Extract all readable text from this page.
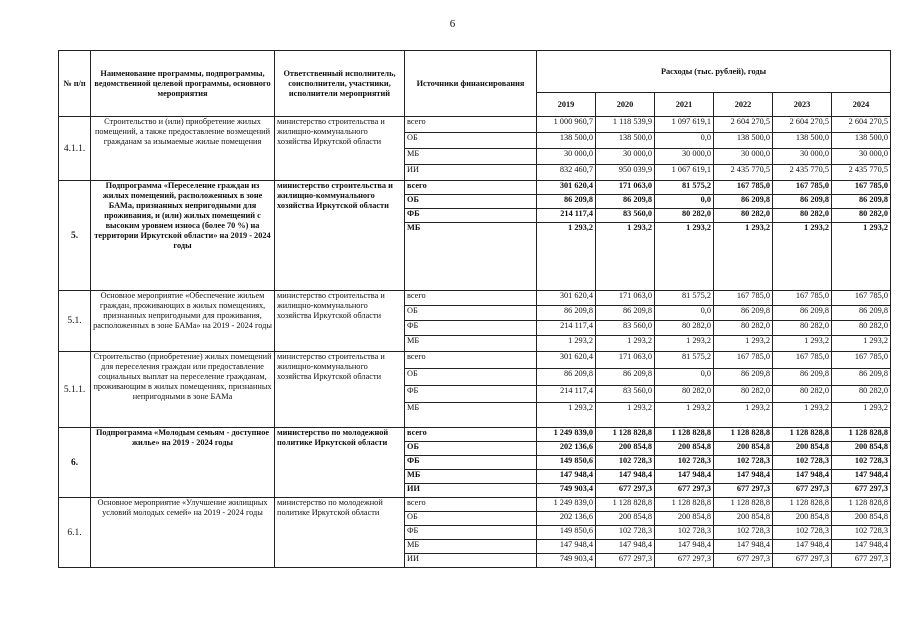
6
№ п/п	Наименование программы, подпрограммы, ведомственной целевой программы, основного мероприятия	Ответственный исполнитель, соисполнители, участники, исполнители мероприятий	Источники финансирования	Расходы (тыс. рублей), годы					
				2019	2020	2021	2022	2023	2024
4.1.1.	Строительство и (или) приобретение жилых помещений, а также предоставление возмещений гражданам за изымаемые жилые помещения	министерство строительства и жилищно-коммунального хозяйства Иркутской области	всего	1 000 960,7	1 118 539,9	1 097 619,1	2 604 270,5	2 604 270,5	2 604 270,5
			ОБ	138 500,0	138 500,0	0,0	138 500,0	138 500,0	138 500,0
			МБ	30 000,0	30 000,0	30 000,0	30 000,0	30 000,0	30 000,0
			ИИ	832 460,7	950 039,9	1 067 619,1	2 435 770,5	2 435 770,5	2 435 770,5
5.	Подпрограмма «Переселение граждан из жилых помещений, расположенных в зоне БАМа, признанных непригодными для проживания, и (или) жилых помещений с высоким уровнем износа (более 70 %) на территории Иркутской области» на 2019 - 2024 годы	министерство строительства и жилищно-коммунального хозяйства Иркутской области	всего	301 620,4	171 063,0	81 575,2	167 785,0	167 785,0	167 785,0
			ОБ	86 209,8	86 209,8	0,0	86 209,8	86 209,8	86 209,8
			ФБ	214 117,4	83 560,0	80 282,0	80 282,0	80 282,0	80 282,0
			МБ	1 293,2	1 293,2	1 293,2	1 293,2	1 293,2	1 293,2
5.1.	Основное мероприятие «Обеспечение жильем граждан, проживающих в жилых помещениях, признанных непригодными для проживания, расположенных в зоне БАМа» на 2019 - 2024 годы	министерство строительства и жилищно-коммунального хозяйства Иркутской области	всего	301 620,4	171 063,0	81 575,2	167 785,0	167 785,0	167 785,0
			ОБ	86 209,8	86 209,8	0,0	86 209,8	86 209,8	86 209,8
			ФБ	214 117,4	83 560,0	80 282,0	80 282,0	80 282,0	80 282,0
			МБ	1 293,2	1 293,2	1 293,2	1 293,2	1 293,2	1 293,2
5.1.1.	Строительство (приобретение) жилых помещений для переселения граждан или предоставление социальных выплат на переселение гражданам, проживающим в жилых помещениях, признанных непригодными в зоне БАМа	министерство строительства и жилищно-коммунального хозяйства Иркутской области	всего	301 620,4	171 063,0	81 575,2	167 785,0	167 785,0	167 785,0
			ОБ	86 209,8	86 209,8	0,0	86 209,8	86 209,8	86 209,8
			ФБ	214 117,4	83 560,0	80 282,0	80 282,0	80 282,0	80 282,0
			МБ	1 293,2	1 293,2	1 293,2	1 293,2	1 293,2	1 293,2
6.	Подпрограмма «Молодым семьям - доступное жилье» на 2019 - 2024 годы	министерство по молодежной политике Иркутской области	всего	1 249 839,0	1 128 828,8	1 128 828,8	1 128 828,8	1 128 828,8	1 128 828,8
			ОБ	202 136,6	200 854,8	200 854,8	200 854,8	200 854,8	200 854,8
			ФБ	149 850,6	102 728,3	102 728,3	102 728,3	102 728,3	102 728,3
			МБ	147 948,4	147 948,4	147 948,4	147 948,4	147 948,4	147 948,4
			ИИ	749 903,4	677 297,3	677 297,3	677 297,3	677 297,3	677 297,3
6.1.	Основное мероприятие «Улучшение жилищных условий молодых семей» на 2019 - 2024 годы	министерство по молодежной политике Иркутской области	всего	1 249 839,0	1 128 828,8	1 128 828,8	1 128 828,8	1 128 828,8	1 128 828,8
			ОБ	202 136,6	200 854,8	200 854,8	200 854,8	200 854,8	200 854,8
			ФБ	149 850,6	102 728,3	102 728,3	102 728,3	102 728,3	102 728,3
			МБ	147 948,4	147 948,4	147 948,4	147 948,4	147 948,4	147 948,4
			ИИ	749 903,4	677 297,3	677 297,3	677 297,3	677 297,3	677 297,3
